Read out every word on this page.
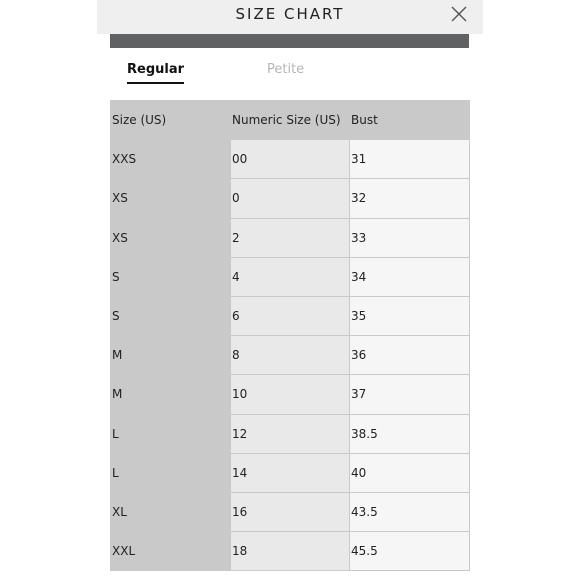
SIZE CHART
Regular	Petite
Size (US)	Numeric Size (US)	Bust
XXS	00	31
XS	0	32
XS	2	33
S	4	34
S	6	35
M	8	36
M	10	37
L	12	38.5
L	14	40
XL	16	43.5
XXL	18	45.5
